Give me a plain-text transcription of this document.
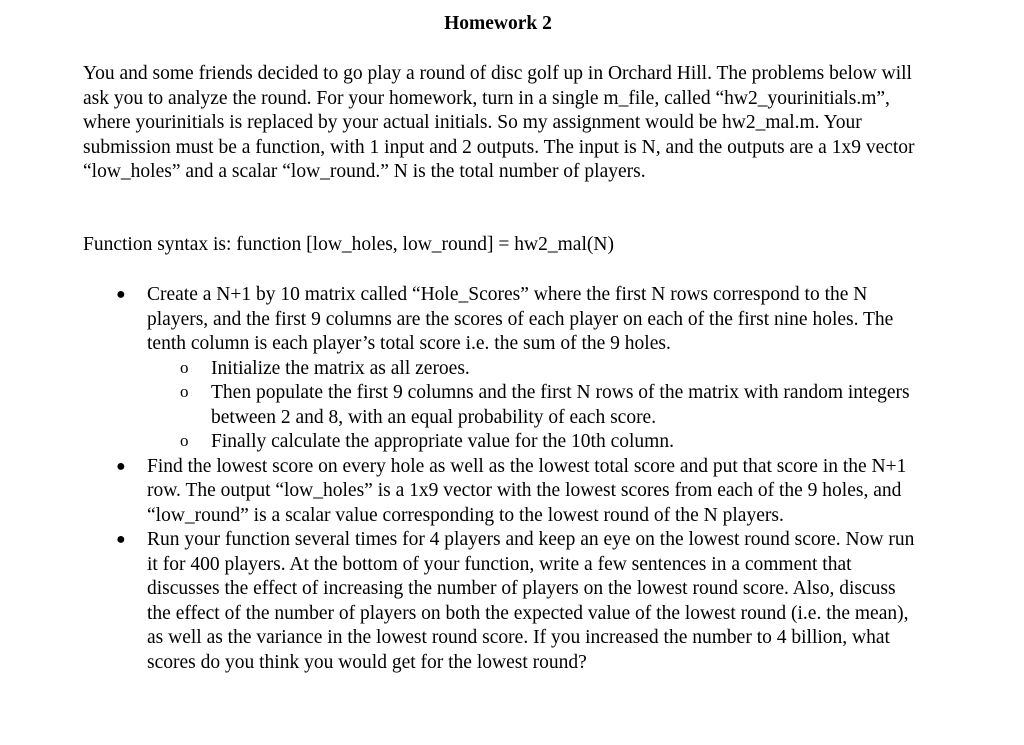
Homework 2

You and some friends decided to go play a round of disc golf up in Orchard Hill. The problems below will ask you to analyze the round. For your homework, turn in a single m_file, called “hw2_yourinitials.m”, where yourinitials is replaced by your actual initials. So my assignment would be hw2_mal.m. Your submission must be a function, with 1 input and 2 outputs. The input is N, and the outputs are a 1x9 vector “low_holes” and a scalar “low_round.” N is the total number of players.

Function syntax is: function [low_holes, low_round] = hw2_mal(N)

● Create a N+1 by 10 matrix called “Hole_Scores” where the first N rows correspond to the N players, and the first 9 columns are the scores of each player on each of the first nine holes. The tenth column is each player’s total score i.e. the sum of the 9 holes.
o Initialize the matrix as all zeroes.
o Then populate the first 9 columns and the first N rows of the matrix with random integers between 2 and 8, with an equal probability of each score.
o Finally calculate the appropriate value for the 10th column.
● Find the lowest score on every hole as well as the lowest total score and put that score in the N+1 row. The output “low_holes” is a 1x9 vector with the lowest scores from each of the 9 holes, and “low_round” is a scalar value corresponding to the lowest round of the N players.
● Run your function several times for 4 players and keep an eye on the lowest round score. Now run it for 400 players. At the bottom of your function, write a few sentences in a comment that discusses the effect of increasing the number of players on the lowest round score. Also, discuss the effect of the number of players on both the expected value of the lowest round (i.e. the mean), as well as the variance in the lowest round score. If you increased the number to 4 billion, what scores do you think you would get for the lowest round?
